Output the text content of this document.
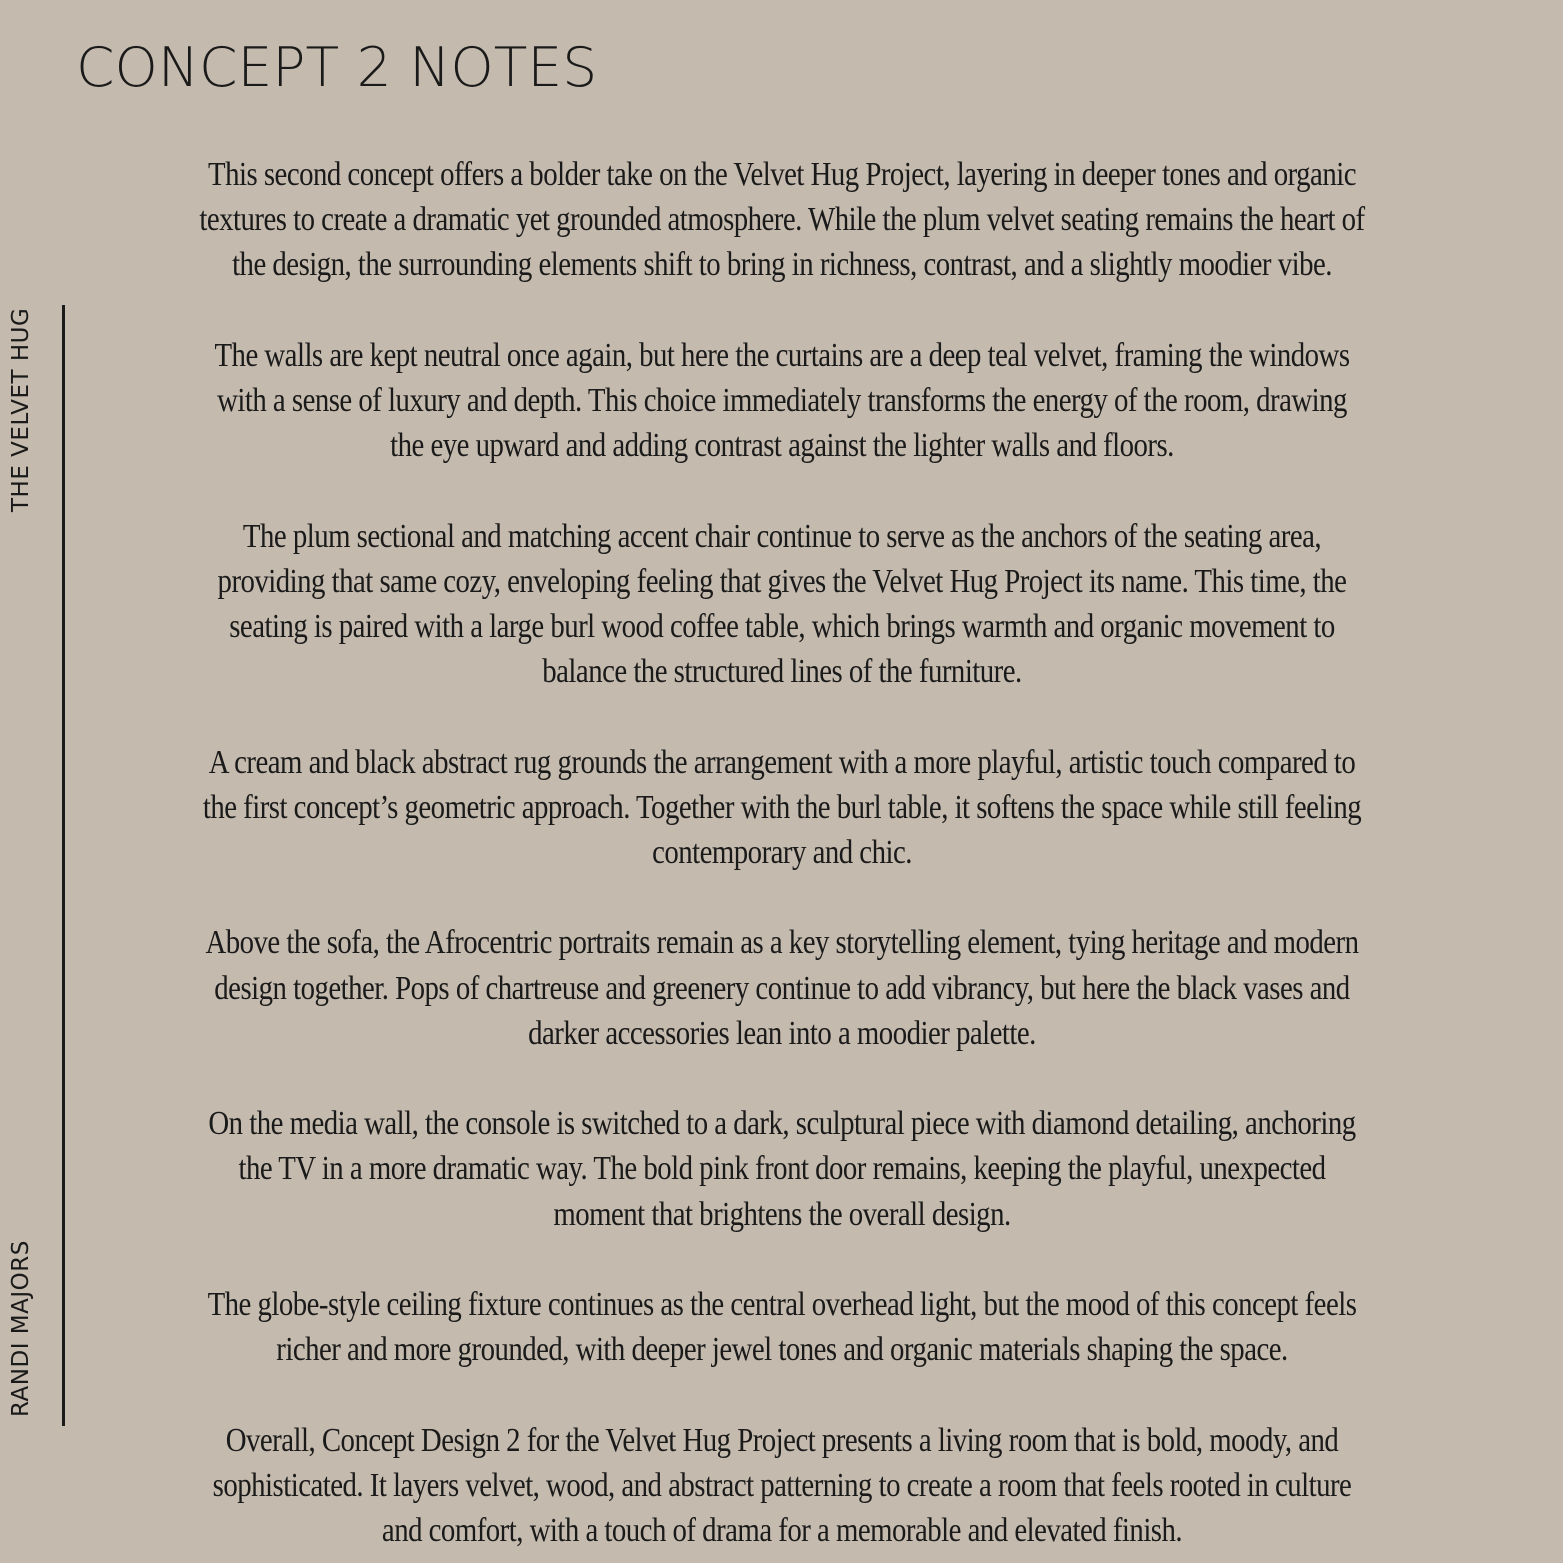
CONCEPT 2 NOTES
THE VELVET HUG
RANDI MAJORS

This second concept offers a bolder take on the Velvet Hug Project, layering in deeper tones and organic textures to create a dramatic yet grounded atmosphere. While the plum velvet seating remains the heart of the design, the surrounding elements shift to bring in richness, contrast, and a slightly moodier vibe.

The walls are kept neutral once again, but here the curtains are a deep teal velvet, framing the windows with a sense of luxury and depth. This choice immediately transforms the energy of the room, drawing the eye upward and adding contrast against the lighter walls and floors.

The plum sectional and matching accent chair continue to serve as the anchors of the seating area, providing that same cozy, enveloping feeling that gives the Velvet Hug Project its name. This time, the seating is paired with a large burl wood coffee table, which brings warmth and organic movement to balance the structured lines of the furniture.

A cream and black abstract rug grounds the arrangement with a more playful, artistic touch compared to the first concept’s geometric approach. Together with the burl table, it softens the space while still feeling contemporary and chic.

Above the sofa, the Afrocentric portraits remain as a key storytelling element, tying heritage and modern design together. Pops of chartreuse and greenery continue to add vibrancy, but here the black vases and darker accessories lean into a moodier palette.

On the media wall, the console is switched to a dark, sculptural piece with diamond detailing, anchoring the TV in a more dramatic way. The bold pink front door remains, keeping the playful, unexpected moment that brightens the overall design.

The globe-style ceiling fixture continues as the central overhead light, but the mood of this concept feels richer and more grounded, with deeper jewel tones and organic materials shaping the space.

Overall, Concept Design 2 for the Velvet Hug Project presents a living room that is bold, moody, and sophisticated. It layers velvet, wood, and abstract patterning to create a room that feels rooted in culture and comfort, with a touch of drama for a memorable and elevated finish.
